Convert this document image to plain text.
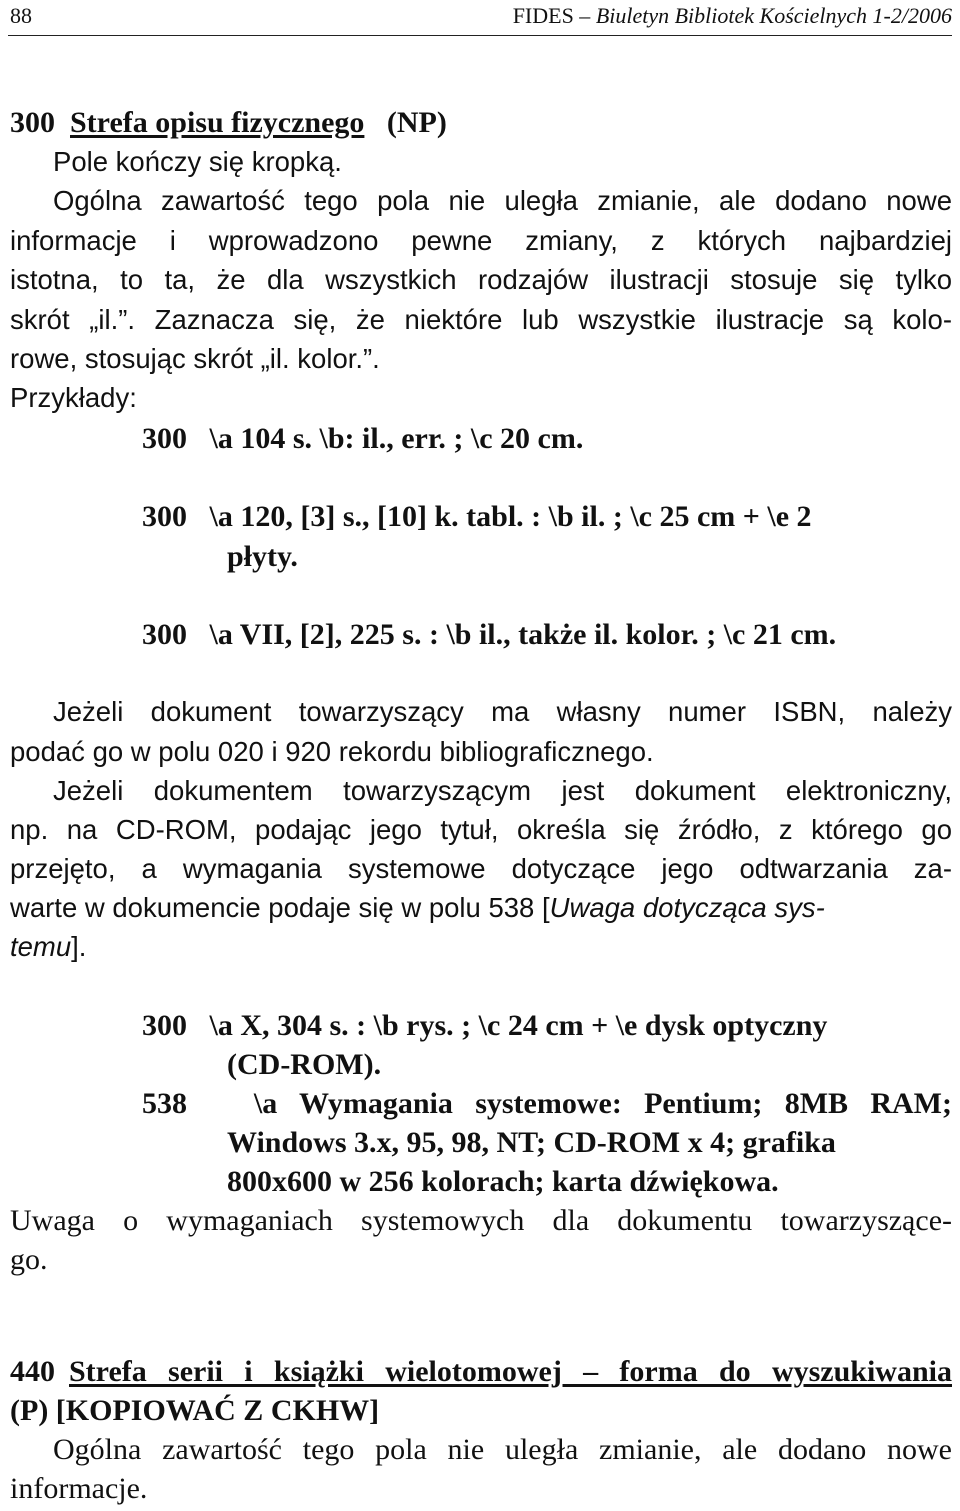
88	FIDES – Biuletyn Bibliotek Kościelnych 1-2/2006
300 Strefa opisu fizycznego (NP)
Pole kończy się kropką.
Ogólna zawartość tego pola nie uległa zmianie, ale dodano nowe
informacje i wprowadzono pewne zmiany, z których najbardziej
istotna, to ta, że dla wszystkich rodzajów ilustracji stosuje się tylko
skrót „il.”. Zaznacza się, że niektóre lub wszystkie ilustracje są kolo-
rowe, stosując skrót „il. kolor.”.
Przykłady:
300   \a 104 s. \b: il., err. ; \c 20 cm.
300   \a 120, [3] s., [10] k. tabl. : \b il. ; \c 25 cm + \e 2
płyty.
300   \a VII, [2], 225 s. : \b il., także il. kolor. ; \c 21 cm.
Jeżeli dokument towarzyszący ma własny numer ISBN, należy
podać go w polu 020 i 920 rekordu bibliograficznego.
Jeżeli dokumentem towarzyszącym jest dokument elektroniczny,
np. na CD-ROM, podając jego tytuł, określa się źródło, z którego go
przejęto, a wymagania systemowe dotyczące jego odtwarzania za-
warte w dokumencie podaje się w polu 538 [Uwaga dotycząca sys-
temu].
300   \a X, 304 s. : \b rys. ; \c 24 cm + \e dysk optyczny
(CD-ROM).
538   \a Wymagania systemowe: Pentium; 8MB RAM;
Windows 3.x, 95, 98, NT; CD-ROM x 4; grafika
800x600 w 256 kolorach; karta dźwiękowa.
Uwaga o wymaganiach systemowych dla dokumentu towarzyszące-
go.
440 Strefa serii i książki wielotomowej – forma do wyszukiwania
(P) [KOPIOWAĆ Z CKHW]
Ogólna zawartość tego pola nie uległa zmianie, ale dodano nowe
informacje.
